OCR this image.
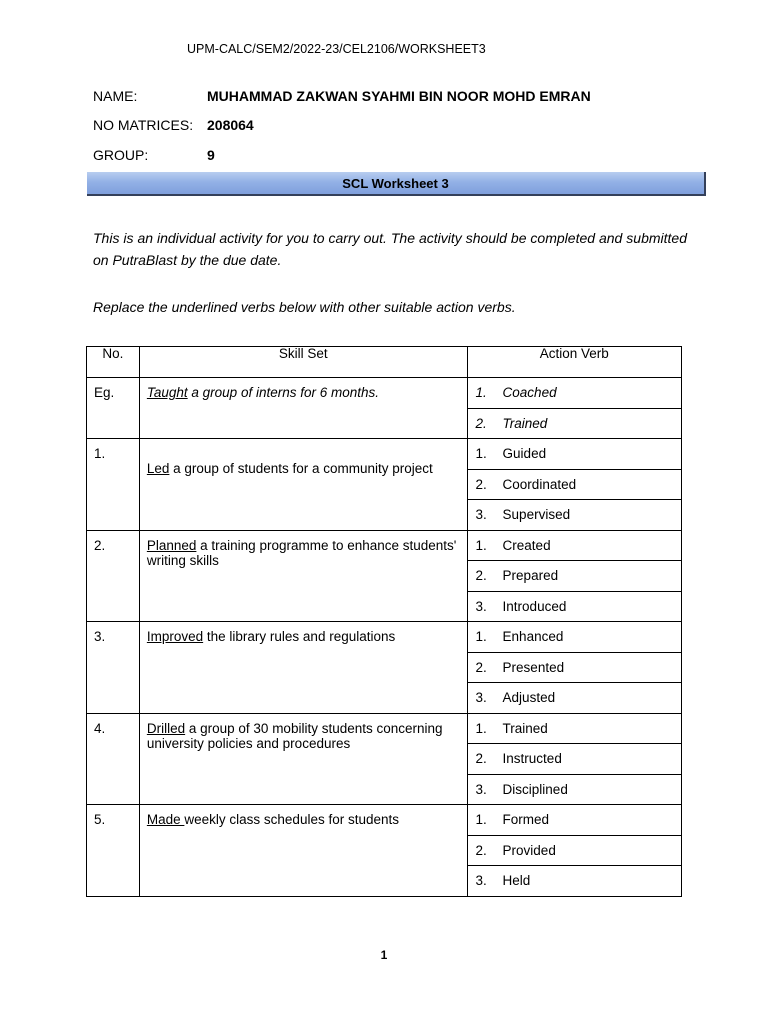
UPM-CALC/SEM2/2022-23/CEL2106/WORKSHEET3
NAME:	MUHAMMAD ZAKWAN SYAHMI BIN NOOR MOHD EMRAN
NO MATRICES: 208064
GROUP:	9
SCL Worksheet 3
This is an individual activity for you to carry out. The activity should be completed and submitted on PutraBlast by the due date.
Replace the underlined verbs below with other suitable action verbs.
No.	Skill Set	Action Verb

Eg.	Taught a group of interns for 6 months.	1. Coached

		2. Trained

1.	Led a group of students for a community project	1. Guided

		2. Coordinated

		3. Supervised

2.	Planned a training programme to enhance students' writing skills	1. Created

		2. Prepared

		3. Introduced

3.	Improved the library rules and regulations	1. Enhanced

		2. Presented

		3. Adjusted

4.	Drilled a group of 30 mobility students concerning university policies and procedures	1. Trained

		2. Instructed

		3. Disciplined

5.	Made weekly class schedules for students	1. Formed

		2. Provided

		3. Held
1
